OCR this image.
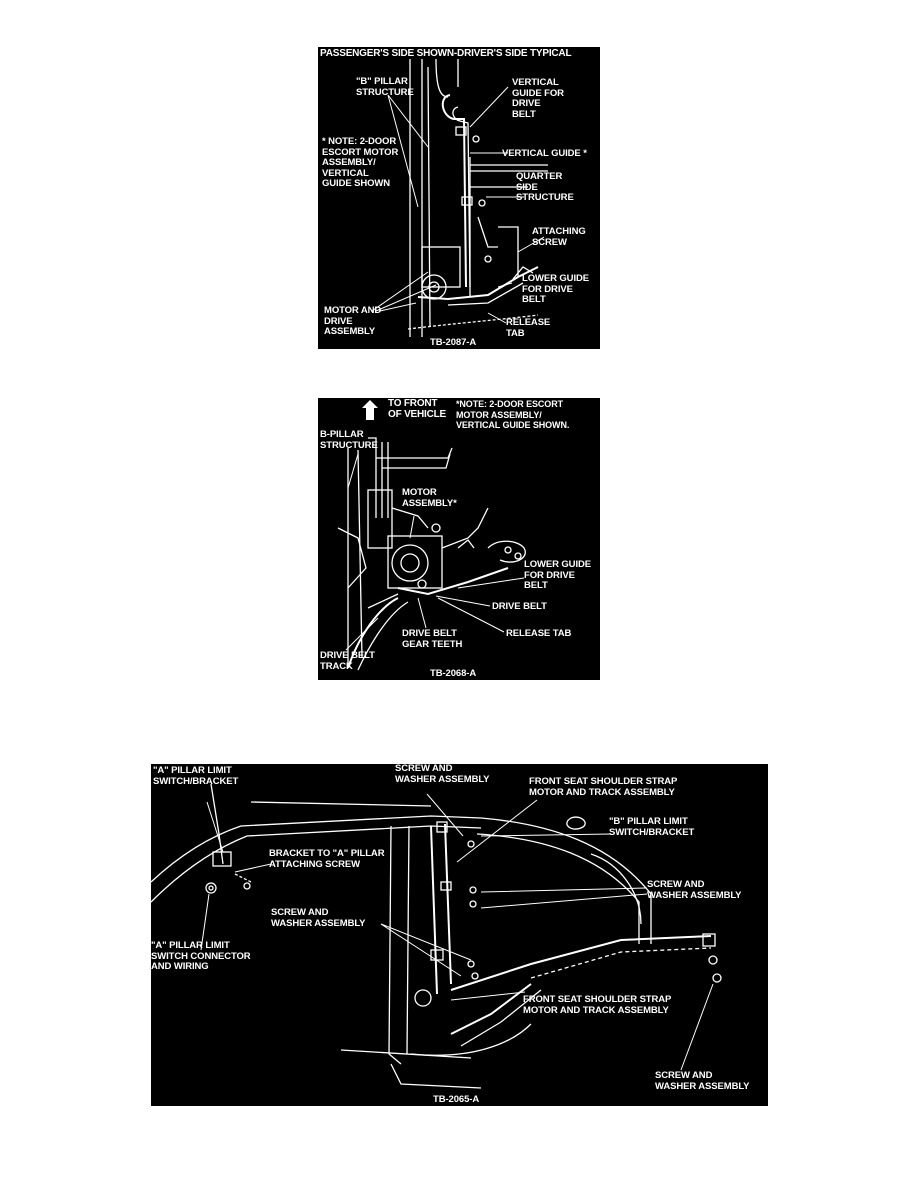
PASSENGER'S SIDE SHOWN-DRIVER'S SIDE TYPICAL
"B" PILLAR
STRUCTURE
VERTICAL
GUIDE FOR
DRIVE
BELT
* NOTE: 2-DOOR
ESCORT MOTOR
ASSEMBLY/
VERTICAL
GUIDE SHOWN
VERTICAL GUIDE *
QUARTER
SIDE
STRUCTURE
ATTACHING
SCREW
LOWER GUIDE
FOR DRIVE
BELT
MOTOR AND
DRIVE
ASSEMBLY
RELEASE
TAB
TB-2087-A
TO FRONT
OF VEHICLE
*NOTE: 2-DOOR ESCORT
MOTOR ASSEMBLY/
VERTICAL GUIDE SHOWN.
B-PILLAR
STRUCTURE
MOTOR
ASSEMBLY*
LOWER GUIDE
FOR DRIVE
BELT
DRIVE BELT
RELEASE TAB
DRIVE BELT
GEAR TEETH
DRIVE BELT
TRACK
TB-2068-A
"A" PILLAR LIMIT
SWITCH/BRACKET
SCREW AND
WASHER ASSEMBLY	FRONT SEAT SHOULDER STRAP
MOTOR AND TRACK ASSEMBLY
"B" PILLAR LIMIT
SWITCH/BRACKET
BRACKET TO "A" PILLAR
ATTACHING SCREW
SCREW AND
WASHER ASSEMBLY
SCREW AND
WASHER ASSEMBLY
"A" PILLAR LIMIT
SWITCH CONNECTOR
AND WIRING
FRONT SEAT SHOULDER STRAP
MOTOR AND TRACK ASSEMBLY
SCREW AND
WASHER ASSEMBLY
TB-2065-A
